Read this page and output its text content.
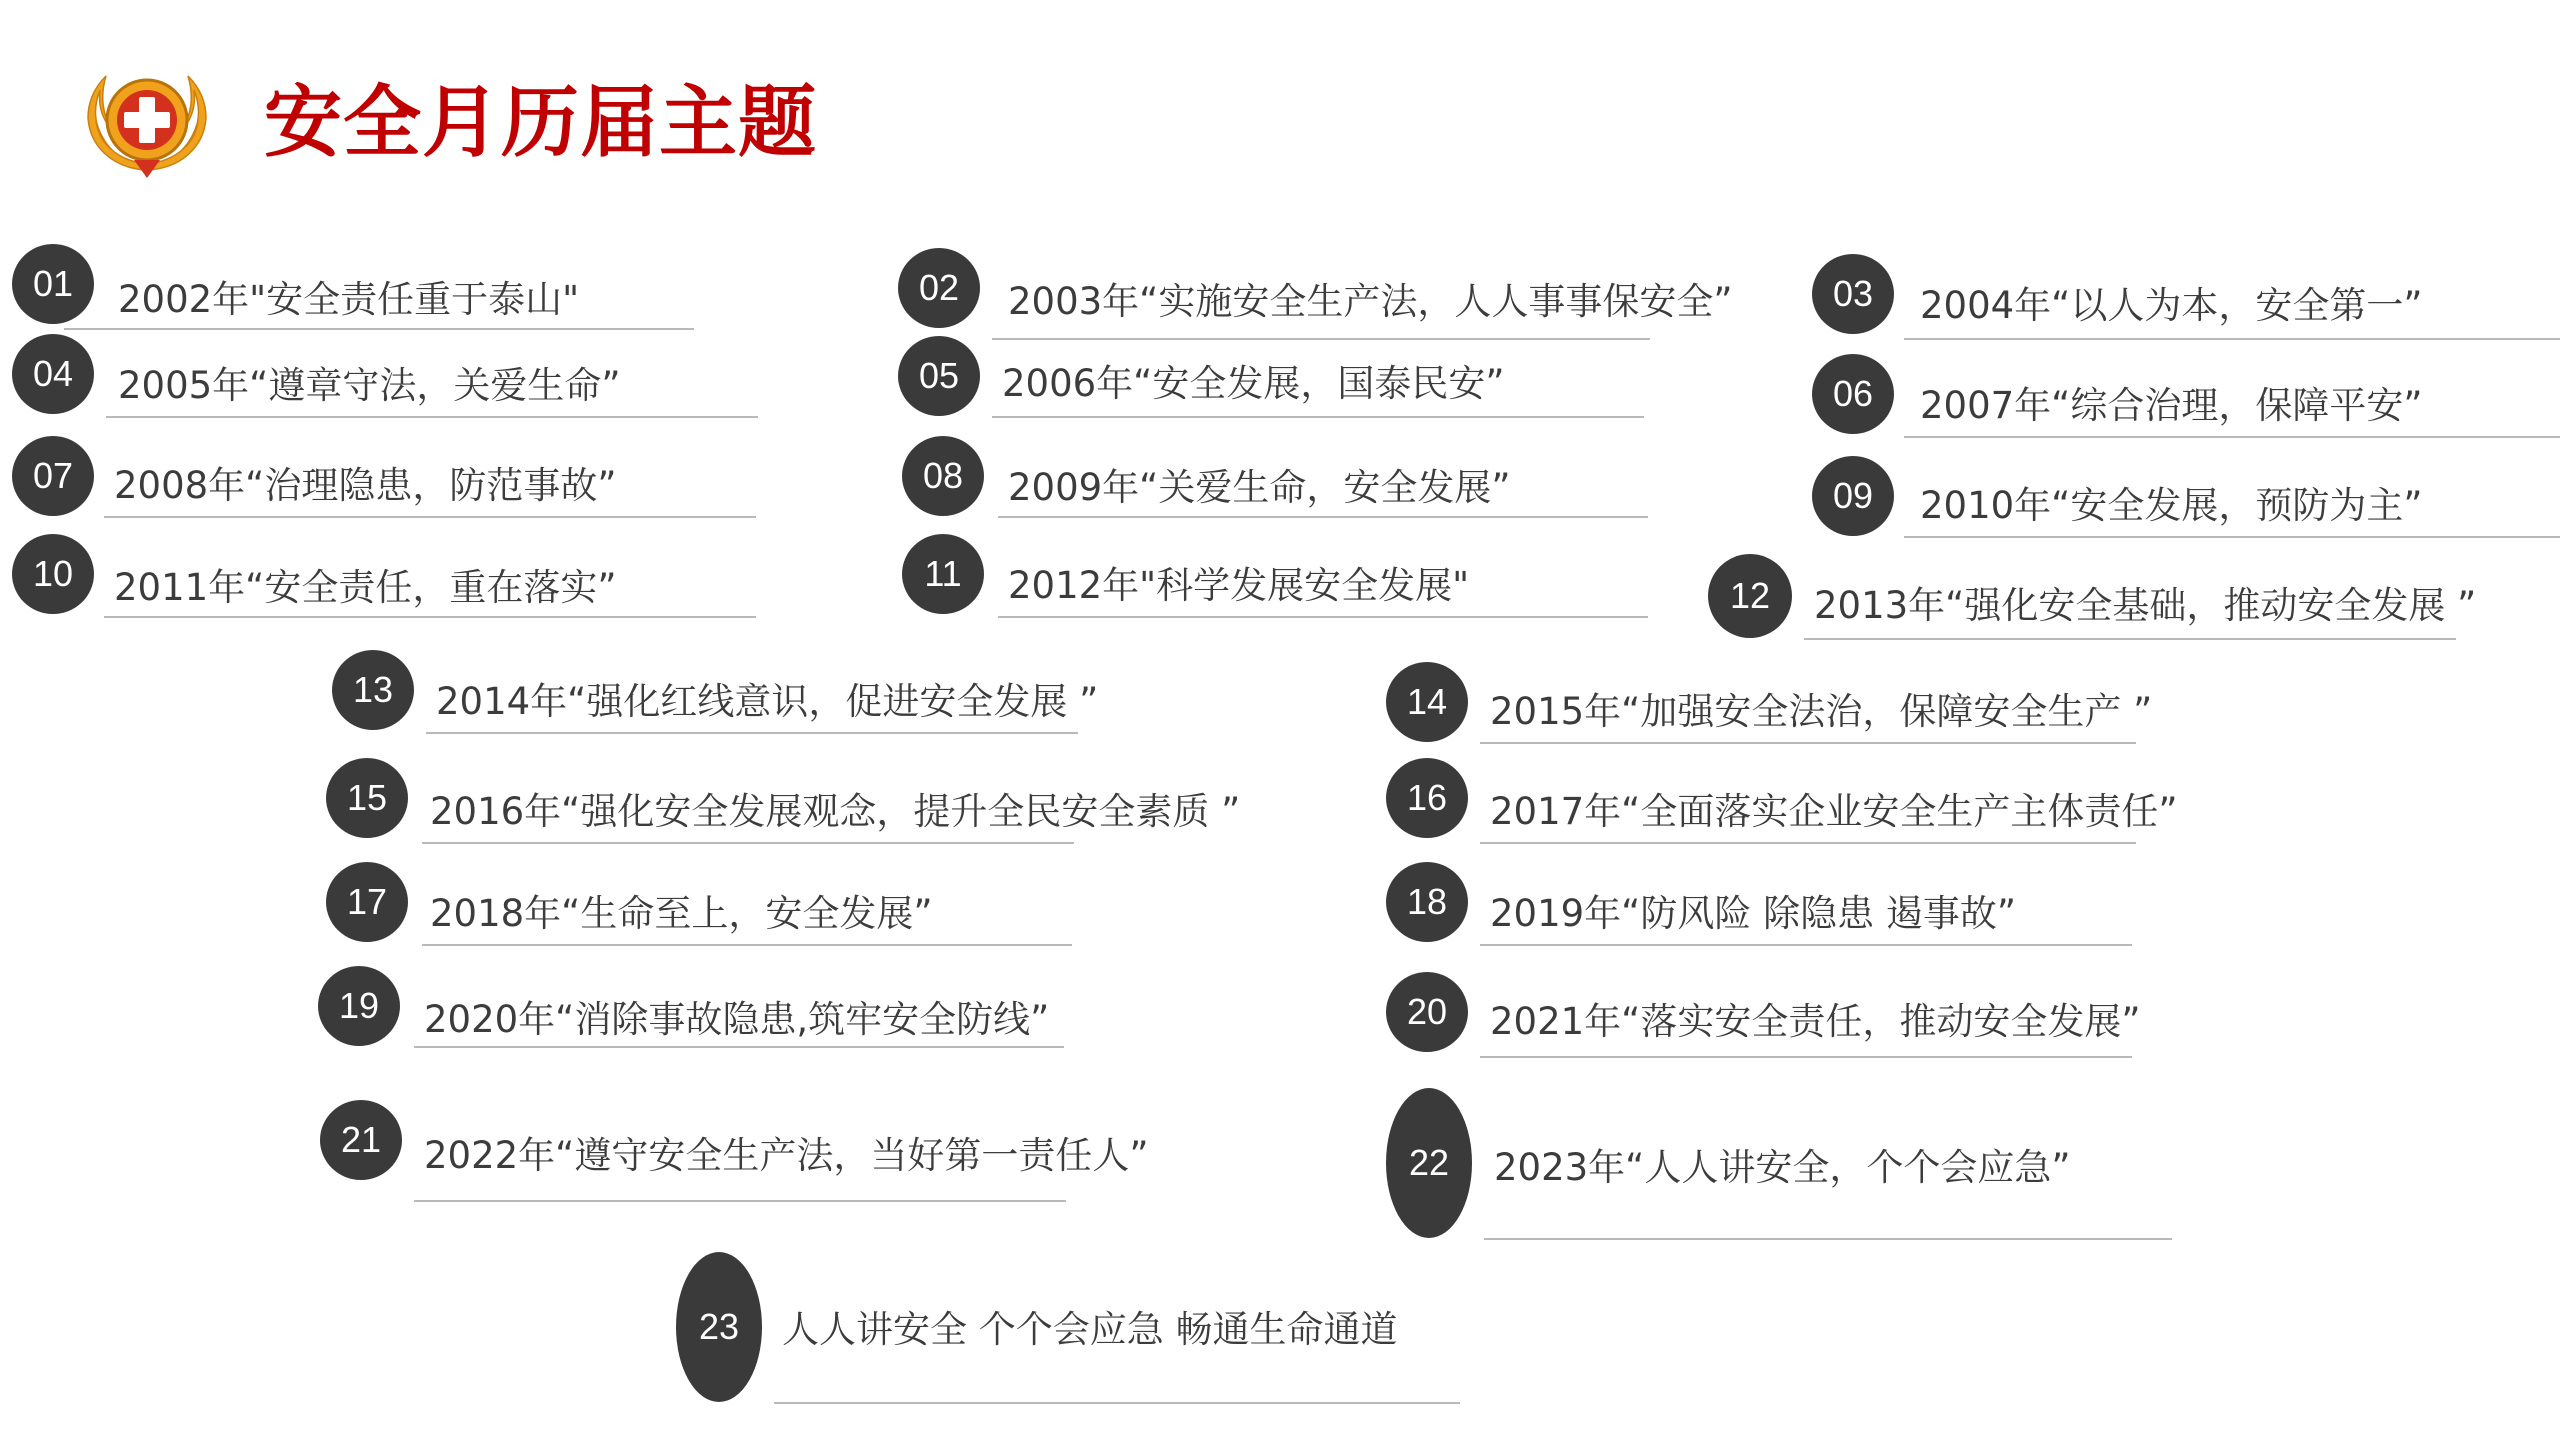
安全月历届主题
01	2002年"安全责任重于泰山"	02	2003年“实施安全生产法，人人事事保安全”	03	2004年“以人为本，安全第一”
04	2005年“遵章守法，关爱生命”	05	2006年“安全发展，国泰民安”	06	2007年“综合治理，保障平安”
07	2008年“治理隐患，防范事故”	08	2009年“关爱生命，安全发展”	09	2010年“安全发展，预防为主”
10	2011年“安全责任，重在落实”	11	2012年"科学发展安全发展"	12	2013年“强化安全基础，推动安全发展 ”
13	2014年“强化红线意识，促进安全发展 ”	14	2015年“加强安全法治，保障安全生产 ”
15	2016年“强化安全发展观念，提升全民安全素质 ”	16	2017年“全面落实企业安全生产主体责任”
17	2018年“生命至上，安全发展”	18	2019年“防风险 除隐患 遏事故”
19	2020年“消除事故隐患,筑牢安全防线”	20	2021年“落实安全责任，推动安全发展”
21	2022年“遵守安全生产法，当好第一责任人”	22	2023年“人人讲安全，个个会应急”
23	人人讲安全 个个会应急 畅通生命通道
